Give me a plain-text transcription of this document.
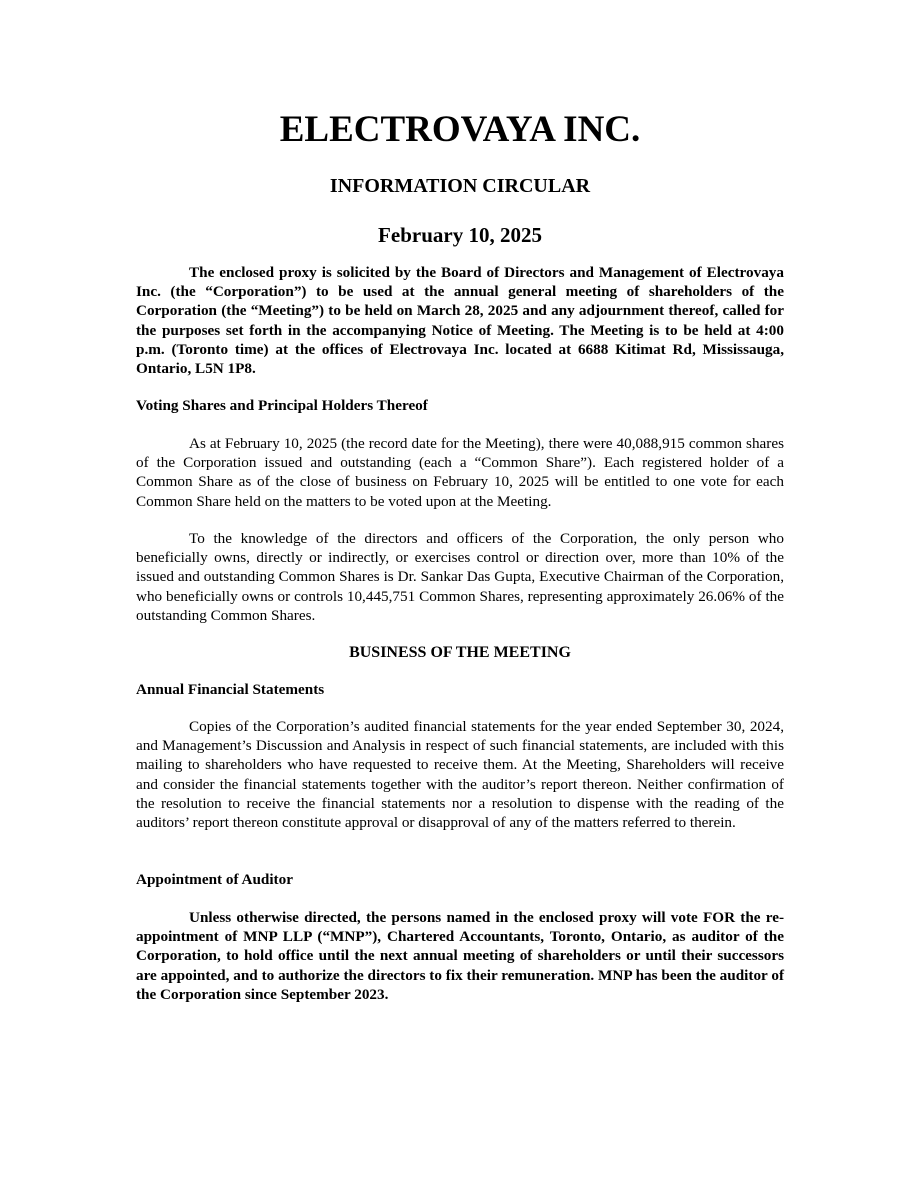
ELECTROVAYA INC.
INFORMATION CIRCULAR
February 10, 2025

The enclosed proxy is solicited by the Board of Directors and Management of Electrovaya Inc. (the “Corporation”) to be used at the annual general meeting of shareholders of the Corporation (the “Meeting”) to be held on March 28, 2025 and any adjournment thereof, called for the purposes set forth in the accompanying Notice of Meeting. The Meeting is to be held at 4:00 p.m. (Toronto time) at the offices of Electrovaya Inc. located at 6688 Kitimat Rd, Mississauga, Ontario, L5N 1P8.

Voting Shares and Principal Holders Thereof

As at February 10, 2025 (the record date for the Meeting), there were 40,088,915 common shares of the Corporation issued and outstanding (each a “Common Share”). Each registered holder of a Common Share as of the close of business on February 10, 2025 will be entitled to one vote for each Common Share held on the matters to be voted upon at the Meeting.

To the knowledge of the directors and officers of the Corporation, the only person who beneficially owns, directly or indirectly, or exercises control or direction over, more than 10% of the issued and outstanding Common Shares is Dr. Sankar Das Gupta, Executive Chairman of the Corporation, who beneficially owns or controls 10,445,751 Common Shares, representing approximately 26.06% of the outstanding Common Shares.

BUSINESS OF THE MEETING
Annual Financial Statements

Copies of the Corporation’s audited financial statements for the year ended September 30, 2024, and Management’s Discussion and Analysis in respect of such financial statements, are included with this mailing to shareholders who have requested to receive them. At the Meeting, Shareholders will receive and consider the financial statements together with the auditor’s report thereon. Neither confirmation of the resolution to receive the financial statements nor a resolution to dispense with the reading of the auditors’ report thereon constitute approval or disapproval of any of the matters referred to therein.

Appointment of Auditor

Unless otherwise directed, the persons named in the enclosed proxy will vote FOR the re-appointment of MNP LLP (“MNP”), Chartered Accountants, Toronto, Ontario, as auditor of the Corporation, to hold office until the next annual meeting of shareholders or until their successors are appointed, and to authorize the directors to fix their remuneration. MNP has been the auditor of the Corporation since September 2023.
